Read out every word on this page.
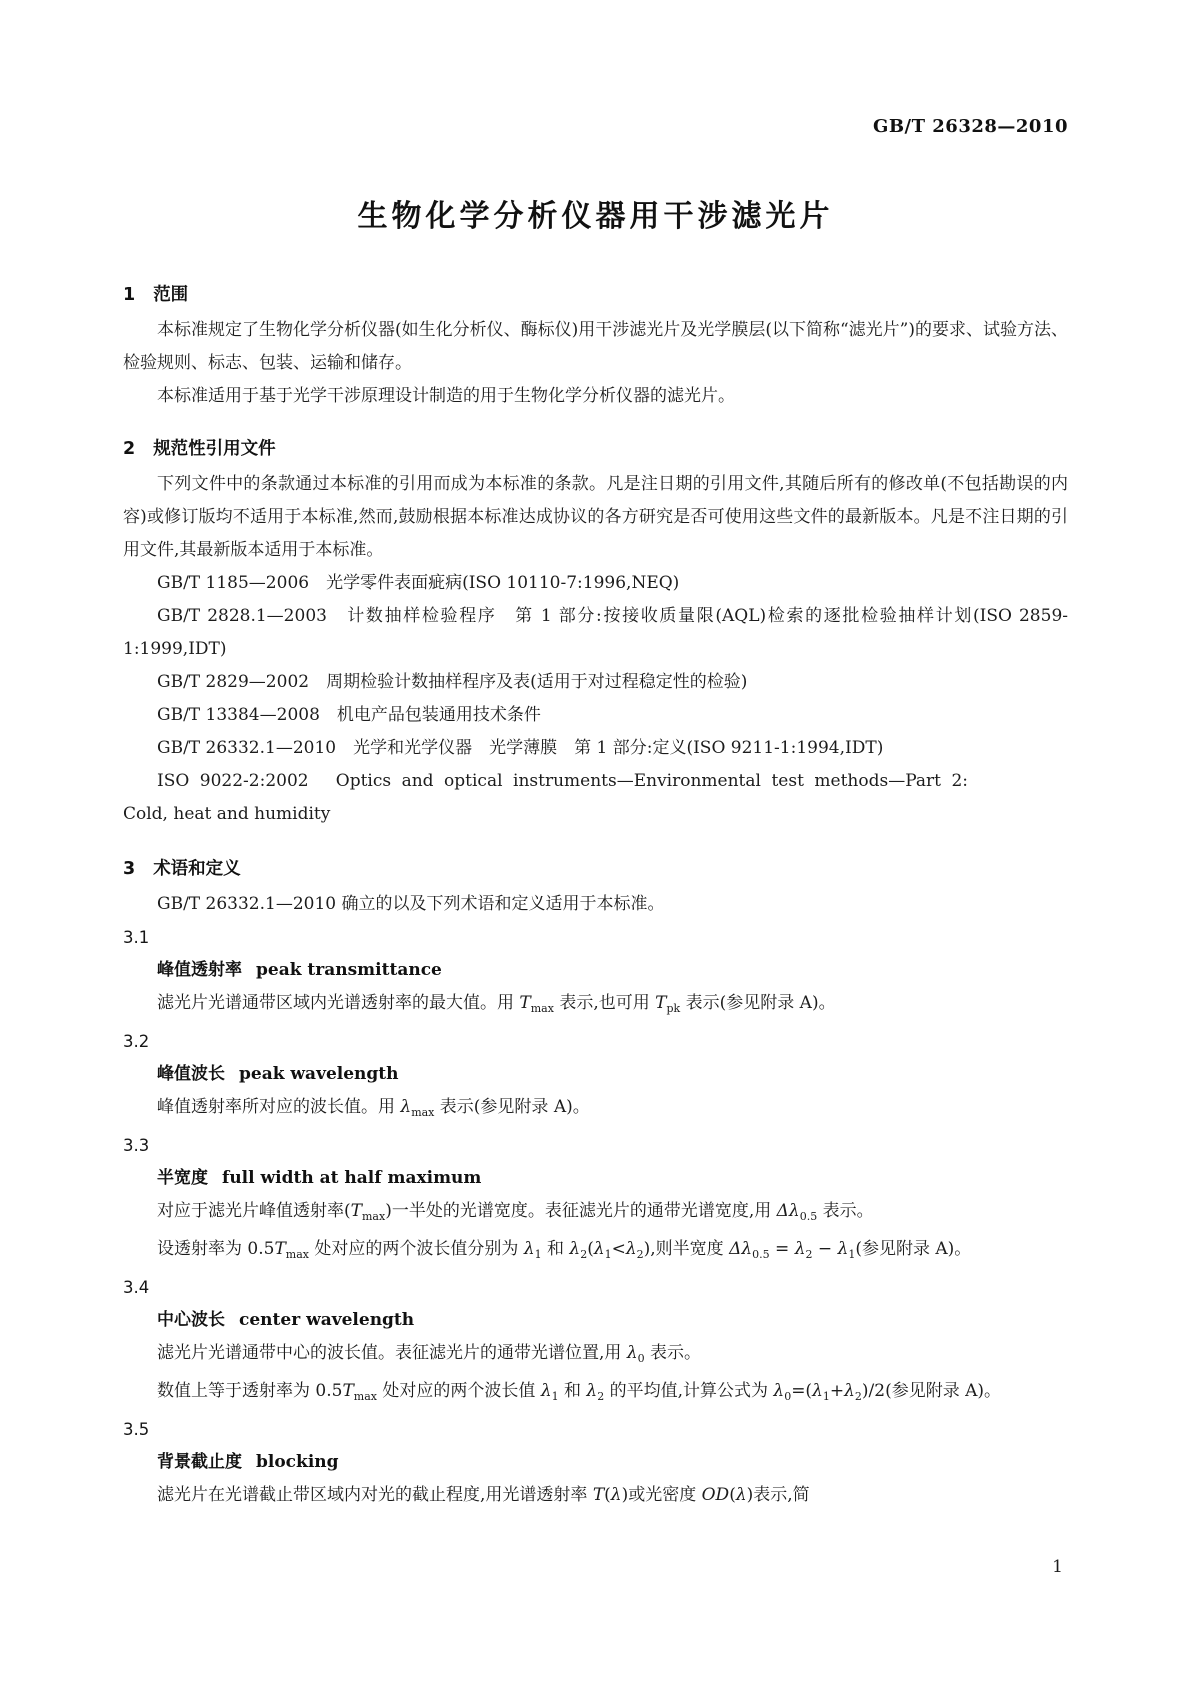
GB/T 26328—2010
生物化学分析仪器用干涉滤光片
1 范围

本标准规定了生物化学分析仪器(如生化分析仪、酶标仪)用干涉滤光片及光学膜层(以下简称“滤光片”)的要求、试验方法、检验规则、标志、包装、运输和储存。

本标准适用于基于光学干涉原理设计制造的用于生物化学分析仪器的滤光片。

2 规范性引用文件

下列文件中的条款通过本标准的引用而成为本标准的条款。凡是注日期的引用文件,其随后所有的修改单(不包括勘误的内容)或修订版均不适用于本标准,然而,鼓励根据本标准达成协议的各方研究是否可使用这些文件的最新版本。凡是不注日期的引用文件,其最新版本适用于本标准。

GB/T 1185—2006　光学零件表面疵病(ISO 10110-7:1996,NEQ)
GB/T 2828.1—2003　计数抽样检验程序　第 1 部分:按接收质量限(AQL)检索的逐批检验抽样计划(ISO 2859-1:1999,IDT)
GB/T 2829—2002　周期检验计数抽样程序及表(适用于对过程稳定性的检验)
GB/T 13384—2008　机电产品包装通用技术条件
GB/T 26332.1—2010　光学和光学仪器　光学薄膜　第 1 部分:定义(ISO 9211-1:1994,IDT)
ISO 9022-2:2002　Optics and optical instruments—Environmental test methods—Part 2: Cold, heat and humidity
3 术语和定义

GB/T 26332.1—2010 确立的以及下列术语和定义适用于本标准。

3.1
峰值透射率 peak transmittance

滤光片光谱通带区域内光谱透射率的最大值。用 $T_{max}$ 表示,也可用 $T_{pk}$ 表示(参见附录 A)。

3.2
峰值波长 peak wavelength

峰值透射率所对应的波长值。用 $\lambda_{max}$ 表示(参见附录 A)。

3.3
半宽度 full width at half maximum

对应于滤光片峰值透射率$(T_{max})$一半处的光谱宽度。表征滤光片的通带光谱宽度,用 $\Delta\lambda_{0.5}$ 表示。

设透射率为 $0.5T_{max}$ 处对应的两个波长值分别为 $\lambda_1$ 和 $\lambda_2(\lambda_1<\lambda_2)$,则半宽度 $\Delta\lambda_{0.5} = \lambda_2 - \lambda_1$(参见附录 A)。

3.4
中心波长 center wavelength

滤光片光谱通带中心的波长值。表征滤光片的通带光谱位置,用 $\lambda_0$ 表示。

数值上等于透射率为 $0.5T_{max}$ 处对应的两个波长值 $\lambda_1$ 和 $\lambda_2$ 的平均值,计算公式为 $\lambda_0=(\lambda_1+\lambda_2)/2$(参见附录 A)。

3.5
背景截止度 blocking

滤光片在光谱截止带区域内对光的截止程度,用光谱透射率 T(λ)或光密度 OD(λ)表示,简

1
